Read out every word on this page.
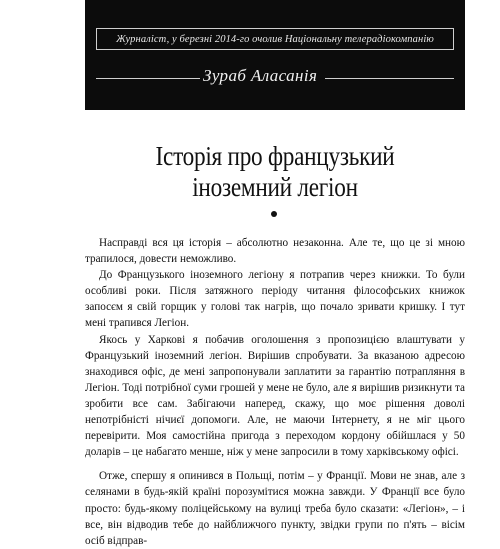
Журналіст, у березні 2014-го очолив Національну телерадіокомпанію
Зураб Аласанія
Історія про французький
іноземний легіон

Насправді вся ця історія – абсолютно незаконна. Але те, що це зі мною трапилося, довести неможливо.

До Французького іноземного легіону я потрапив через книжки. То були особливі роки. Після затяжного періоду читання філософських книжок запосєм я свій горщик у голові так нагрів, що почало зривати кришку. І тут мені трапився Легіон.

Якось у Харкові я побачив оголошення з пропозицією влаштувати у Французький іноземний легіон. Вирішив спробувати. За вказаною адресою знаходився офіс, де мені запропонували заплатити за гарантію потрапляння в Легіон. Тоді потрібної суми грошей у мене не було, але я вирішив ризикнути та зробити все сам. Забігаючи наперед, скажу, що моє рішення доволі непотрібністі нічиєї допомоги. Але, не маючи Інтернету, я не міг цього перевірити. Моя самостійна пригода з переходом кордону обійшлася у 50 доларів – це набагато менше, ніж у мене запросили в тому харківському офісі.

Отже, спершу я опинився в Польщі, потім – у Франції. Мови не знав, але з селянами в будь-якій країні порозумітися можна завжди. У Франції все було просто: будь-якому поліцейському на вулиці треба було сказати: «Легіон», – і все, він відводив тебе до найближчого пункту, звідки групи по п'ять – вісім осіб відправ-
